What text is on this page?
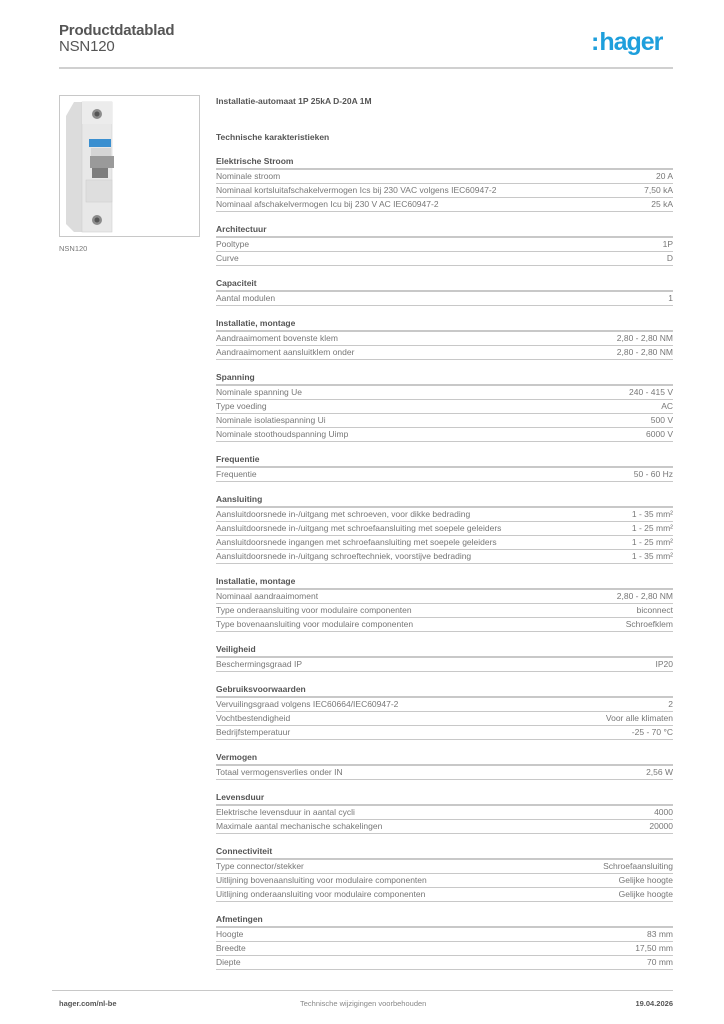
Productdatablad
NSN120	:hager
NSN120
Installatie-automaat 1P 25kA D-20A 1M
Technische karakteristieken
Elektrische Stroom
Nominale stroom	20 A
Nominaal kortsluitafschakelvermogen Ics bij 230 VAC volgens IEC60947-2	7,50 kA
Nominaal afschakelvermogen Icu bij 230 V AC IEC60947-2	25 kA
Architectuur
Pooltype	1P
Curve	D
Capaciteit
Aantal modulen	1
Installatie, montage
Aandraaimoment bovenste klem	2,80 - 2,80 NM
Aandraaimoment aansluitklem onder	2,80 - 2,80 NM
Spanning
Nominale spanning Ue	240 - 415 V
Type voeding	AC
Nominale isolatiespanning Ui	500 V
Nominale stoothoudspanning Uimp	6000 V
Frequentie
Frequentie	50 - 60 Hz
Aansluiting
Aansluitdoorsnede in-/uitgang met schroeven, voor dikke bedrading	1 - 35 mm²
Aansluitdoorsnede in-/uitgang met schroefaansluiting met soepele geleiders	1 - 25 mm²
Aansluitdoorsnede ingangen met schroefaansluiting met soepele geleiders	1 - 25 mm²
Aansluitdoorsnede in-/uitgang schroeftechniek, voorstijve bedrading	1 - 35 mm²
Installatie, montage
Nominaal aandraaimoment	2,80 - 2,80 NM
Type onderaansluiting voor modulaire componenten	biconnect
Type bovenaansluiting voor modulaire componenten	Schroefklem
Veiligheid
Beschermingsgraad IP	IP20
Gebruiksvoorwaarden
Vervuilingsgraad volgens IEC60664/IEC60947-2	2
Vochtbestendigheid	Voor alle klimaten
Bedrijfstemperatuur	-25 - 70 °C
Vermogen
Totaal vermogensverlies onder IN	2,56 W
Levensduur
Elektrische levensduur in aantal cycli	4000
Maximale aantal mechanische schakelingen	20000
Connectiviteit
Type connector/stekker	Schroefaansluiting
Uitlijning bovenaansluiting voor modulaire componenten	Gelijke hoogte
Uitlijning onderaansluiting voor modulaire componenten	Gelijke hoogte
Afmetingen
Hoogte	83 mm
Breedte	17,50 mm
Diepte	70 mm
hager.com/nl-be	Technische wijzigingen voorbehouden	19.04.2026
